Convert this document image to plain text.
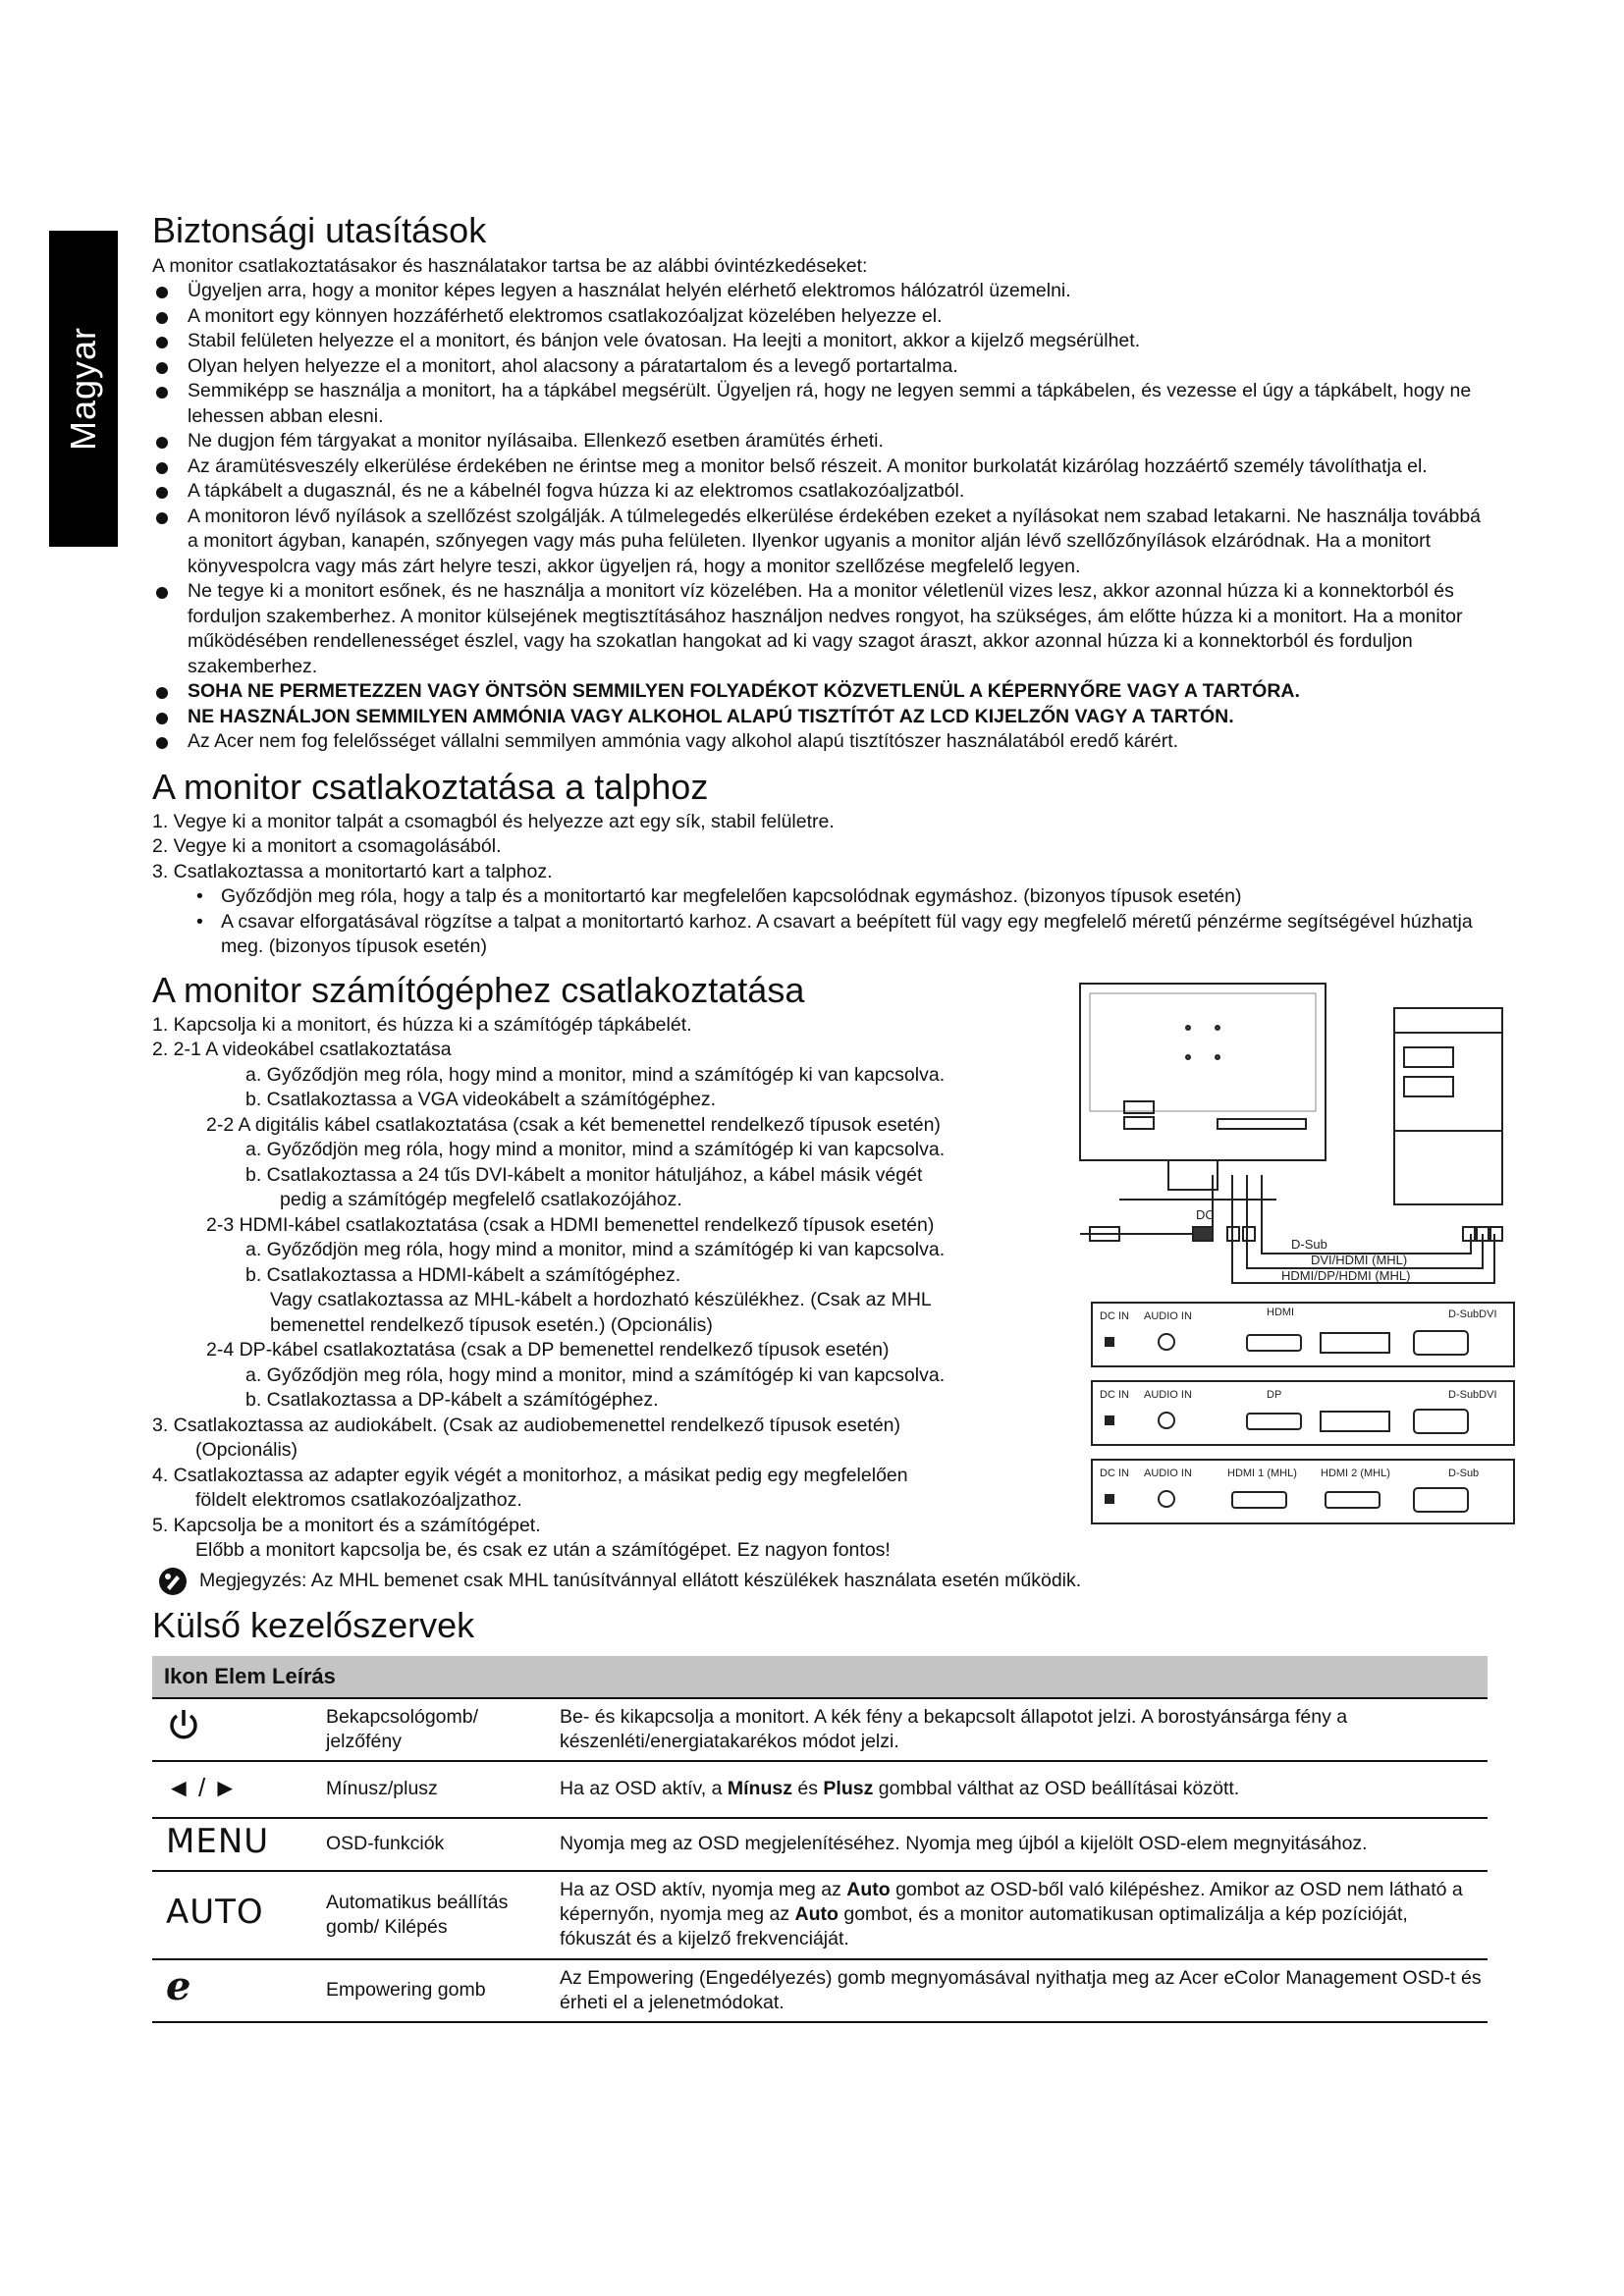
Magyar
Biztonsági utasítások

A monitor csatlakoztatásakor és használatakor tartsa be az alábbi óvintézkedéseket:

Ügyeljen arra, hogy a monitor képes legyen a használat helyén elérhető elektromos hálózatról üzemelni.
A monitort egy könnyen hozzáférhető elektromos csatlakozóaljzat közelében helyezze el.
Stabil felületen helyezze el a monitort, és bánjon vele óvatosan. Ha leejti a monitort, akkor a kijelző megsérülhet.
Olyan helyen helyezze el a monitort, ahol alacsony a páratartalom és a levegő portartalma.
Semmiképp se használja a monitort, ha a tápkábel megsérült. Ügyeljen rá, hogy ne legyen semmi a tápkábelen, és vezesse el úgy a tápkábelt, hogy ne lehessen abban elesni.
Ne dugjon fém tárgyakat a monitor nyílásaiba. Ellenkező esetben áramütés érheti.
Az áramütésveszély elkerülése érdekében ne érintse meg a monitor belső részeit. A monitor burkolatát kizárólag hozzáértő személy távolíthatja el.
A tápkábelt a dugasznál, és ne a kábelnél fogva húzza ki az elektromos csatlakozóaljzatból.
A monitoron lévő nyílások a szellőzést szolgálják. A túlmelegedés elkerülése érdekében ezeket a nyílásokat nem szabad letakarni. Ne használja továbbá a monitort ágyban, kanapén, szőnyegen vagy más puha felületen. Ilyenkor ugyanis a monitor alján lévő szellőzőnyílások elzáródnak. Ha a monitort könyvespolcra vagy más zárt helyre teszi, akkor ügyeljen rá, hogy a monitor szellőzése megfelelő legyen.
Ne tegye ki a monitort esőnek, és ne használja a monitort víz közelében. Ha a monitor véletlenül vizes lesz, akkor azonnal húzza ki a konnektorból és forduljon szakemberhez. A monitor külsejének megtisztításához használjon nedves rongyot, ha szükséges, ám előtte húzza ki a monitort. Ha a monitor működésében rendellenességet észlel, vagy ha szokatlan hangokat ad ki vagy szagot áraszt, akkor azonnal húzza ki a konnektorból és forduljon szakemberhez.
SOHA NE PERMETEZZEN VAGY ÖNTSÖN SEMMILYEN FOLYADÉKOT KÖZVETLENÜL A KÉPERNYŐRE VAGY A TARTÓRA.
NE HASZNÁLJON SEMMILYEN AMMÓNIA VAGY ALKOHOL ALAPÚ TISZTÍTÓT AZ LCD KIJELZŐN VAGY A TARTÓN.
Az Acer nem fog felelősséget vállalni semmilyen ammónia vagy alkohol alapú tisztítószer használatából eredő kárért.
A monitor csatlakoztatása a talphoz

1. Vegye ki a monitor talpát a csomagból és helyezze azt egy sík, stabil felületre.

2. Vegye ki a monitort a csomagolásából.

3. Csatlakoztassa a monitortartó kart a talphoz.

• Győződjön meg róla, hogy a talp és a monitortartó kar megfelelően kapcsolódnak egymáshoz. (bizonyos típusok esetén)

• A csavar elforgatásával rögzítse a talpat a monitortartó karhoz. A csavart a beépített fül vagy egy megfelelő méretű pénzérme segítségével húzhatja meg. (bizonyos típusok esetén)

A monitor számítógéphez csatlakoztatása

1. Kapcsolja ki a monitort, és húzza ki a számítógép tápkábelét.

2. 2-1 A videokábel csatlakoztatása

a. Győződjön meg róla, hogy mind a monitor, mind a számítógép ki van kapcsolva.

b. Csatlakoztassa a VGA videokábelt a számítógéphez.

2-2 A digitális kábel csatlakoztatása (csak a két bemenettel rendelkező típusok esetén)

a. Győződjön meg róla, hogy mind a monitor, mind a számítógép ki van kapcsolva.

b. Csatlakoztassa a 24 tűs DVI-kábelt a monitor hátuljához, a kábel másik végét

pedig a számítógép megfelelő csatlakozójához.

2-3 HDMI-kábel csatlakoztatása (csak a HDMI bemenettel rendelkező típusok esetén)

a. Győződjön meg róla, hogy mind a monitor, mind a számítógép ki van kapcsolva.

b. Csatlakoztassa a HDMI-kábelt a számítógéphez.

Vagy csatlakoztassa az MHL-kábelt a hordozható készülékhez. (Csak az MHL

bemenettel rendelkező típusok esetén.) (Opcionális)

2-4 DP-kábel csatlakoztatása (csak a DP bemenettel rendelkező típusok esetén)

a. Győződjön meg róla, hogy mind a monitor, mind a számítógép ki van kapcsolva.

b. Csatlakoztassa a DP-kábelt a számítógéphez.

3. Csatlakoztassa az audiokábelt. (Csak az audiobemenettel rendelkező típusok esetén)

(Opcionális)

4. Csatlakoztassa az adapter egyik végét a monitorhoz, a másikat pedig egy megfelelően

földelt elektromos csatlakozóaljzathoz.

5. Kapcsolja be a monitort és a számítógépet.

Előbb a monitort kapcsolja be, és csak ez után a számítógépet. Ez nagyon fontos!

DC
D-Sub
DVI/HDMI (MHL)
HDMI/DP/HDMI (MHL)
DC IN AUDIO IN	HDMI	D-SubDVI
DC IN AUDIO IN	DP	D-SubDVI
DC IN AUDIO IN	HDMI 1 (MHL) HDMI 2 (MHL)	D-Sub
Megjegyzés: Az MHL bemenet csak MHL tanúsítvánnyal ellátott készülékek használata esetén működik.
Külső kezelőszervek
Ikon Elem Leírás		
	Bekapcsológomb/ jelzőfény	Be- és kikapcsolja a monitort. A kék fény a bekapcsolt állapotot jelzi. A borostyánsárga fény a készenléti/energiatakarékos módot jelzi.
◄ / ►	Mínusz/plusz	Ha az OSD aktív, a Mínusz és Plusz gombbal válthat az OSD beállításai között.
MENU	OSD-funkciók	Nyomja meg az OSD megjelenítéséhez. Nyomja meg újból a kijelölt OSD-elem megnyitásához.
AUTO	Automatikus beállítás gomb/ Kilépés	Ha az OSD aktív, nyomja meg az Auto gombot az OSD-ből való kilépéshez. Amikor az OSD nem látható a képernyőn, nyomja meg az Auto gombot, és a monitor automatikusan optimalizálja a kép pozícióját, fókuszát és a kijelző frekvenciáját.
e	Empowering gomb	Az Empowering (Engedélyezés) gomb megnyomásával nyithatja meg az Acer eColor Management OSD-t és érheti el a jelenetmódokat.
